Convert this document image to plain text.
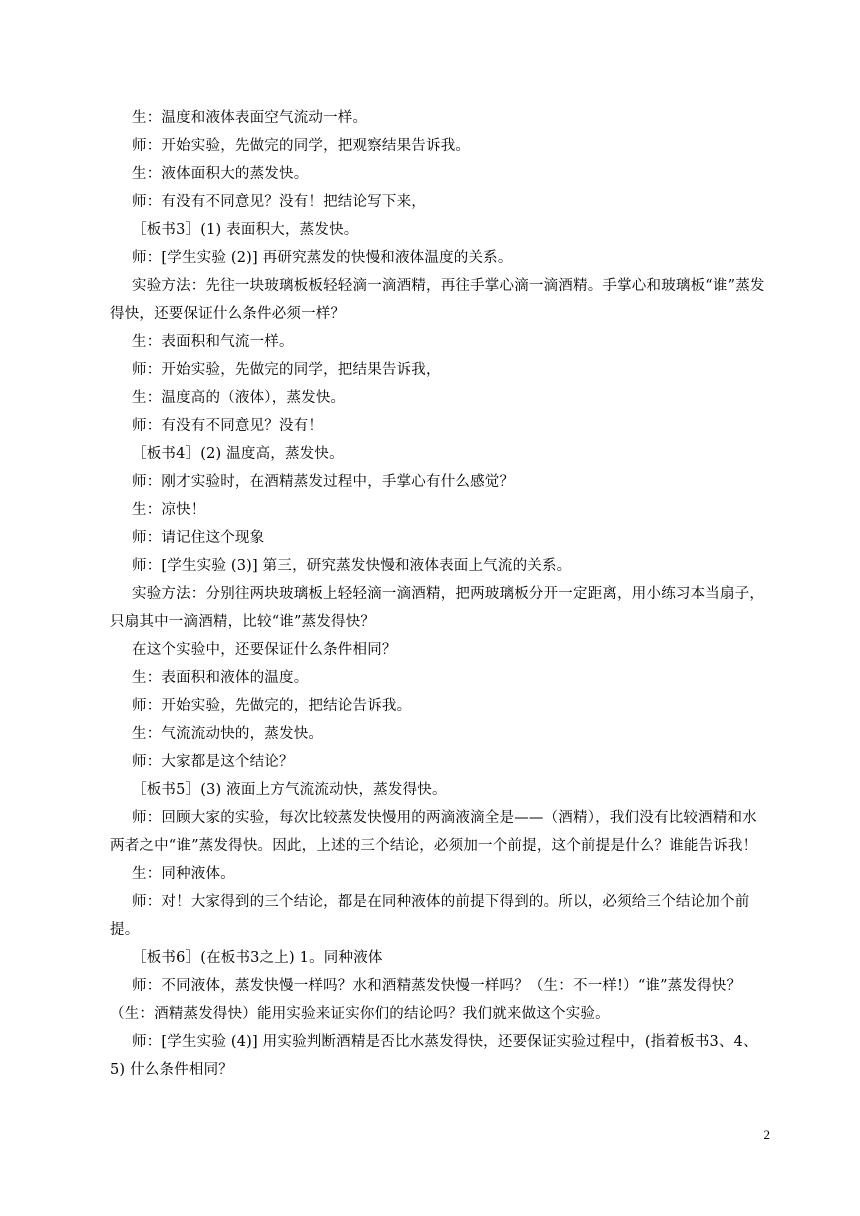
生：温度和液体表面空气流动一样。

师：开始实验，先做完的同学，把观察结果告诉我。

生：液体面积大的蒸发快。

师：有没有不同意见？没有！把结论写下来，

［板书3］(1) 表面积大，蒸发快。

师：[学生实验 (2)] 再研究蒸发的快慢和液体温度的关系。

实验方法：先往一块玻璃板板轻轻滴一滴酒精，再往手掌心滴一滴酒精。手掌心和玻璃板“谁”蒸发得快，还要保证什么条件必须一样？

生：表面积和气流一样。

师：开始实验，先做完的同学，把结果告诉我，

生：温度高的（液体），蒸发快。

师：有没有不同意见？没有！

［板书4］(2) 温度高，蒸发快。

师：刚才实验时，在酒精蒸发过程中，手掌心有什么感觉？

生：凉快！

师：请记住这个现象

师：[学生实验 (3)] 第三，研究蒸发快慢和液体表面上气流的关系。

实验方法：分别往两块玻璃板上轻轻滴一滴酒精，把两玻璃板分开一定距离，用小练习本当扇子，只扇其中一滴酒精，比较“谁”蒸发得快？

在这个实验中，还要保证什么条件相同？

生：表面积和液体的温度。

师：开始实验，先做完的，把结论告诉我。

生：气流流动快的，蒸发快。

师：大家都是这个结论？

［板书5］(3) 液面上方气流流动快，蒸发得快。

师：回顾大家的实验，每次比较蒸发快慢用的两滴液滴全是——（酒精），我们没有比较酒精和水两者之中“谁”蒸发得快。因此，上述的三个结论，必须加一个前提，这个前提是什么？谁能告诉我！

生：同种液体。

师：对！大家得到的三个结论，都是在同种液体的前提下得到的。所以，必须给三个结论加个前提。

［板书6］(在板书3之上) 1。同种液体

师：不同液体，蒸发快慢一样吗？水和酒精蒸发快慢一样吗？（生：不一样!）“谁”蒸发得快？（生：酒精蒸发得快）能用实验来证实你们的结论吗？我们就来做这个实验。

师：[学生实验 (4)] 用实验判断酒精是否比水蒸发得快，还要保证实验过程中，(指着板书3、4、5) 什么条件相同？

2
